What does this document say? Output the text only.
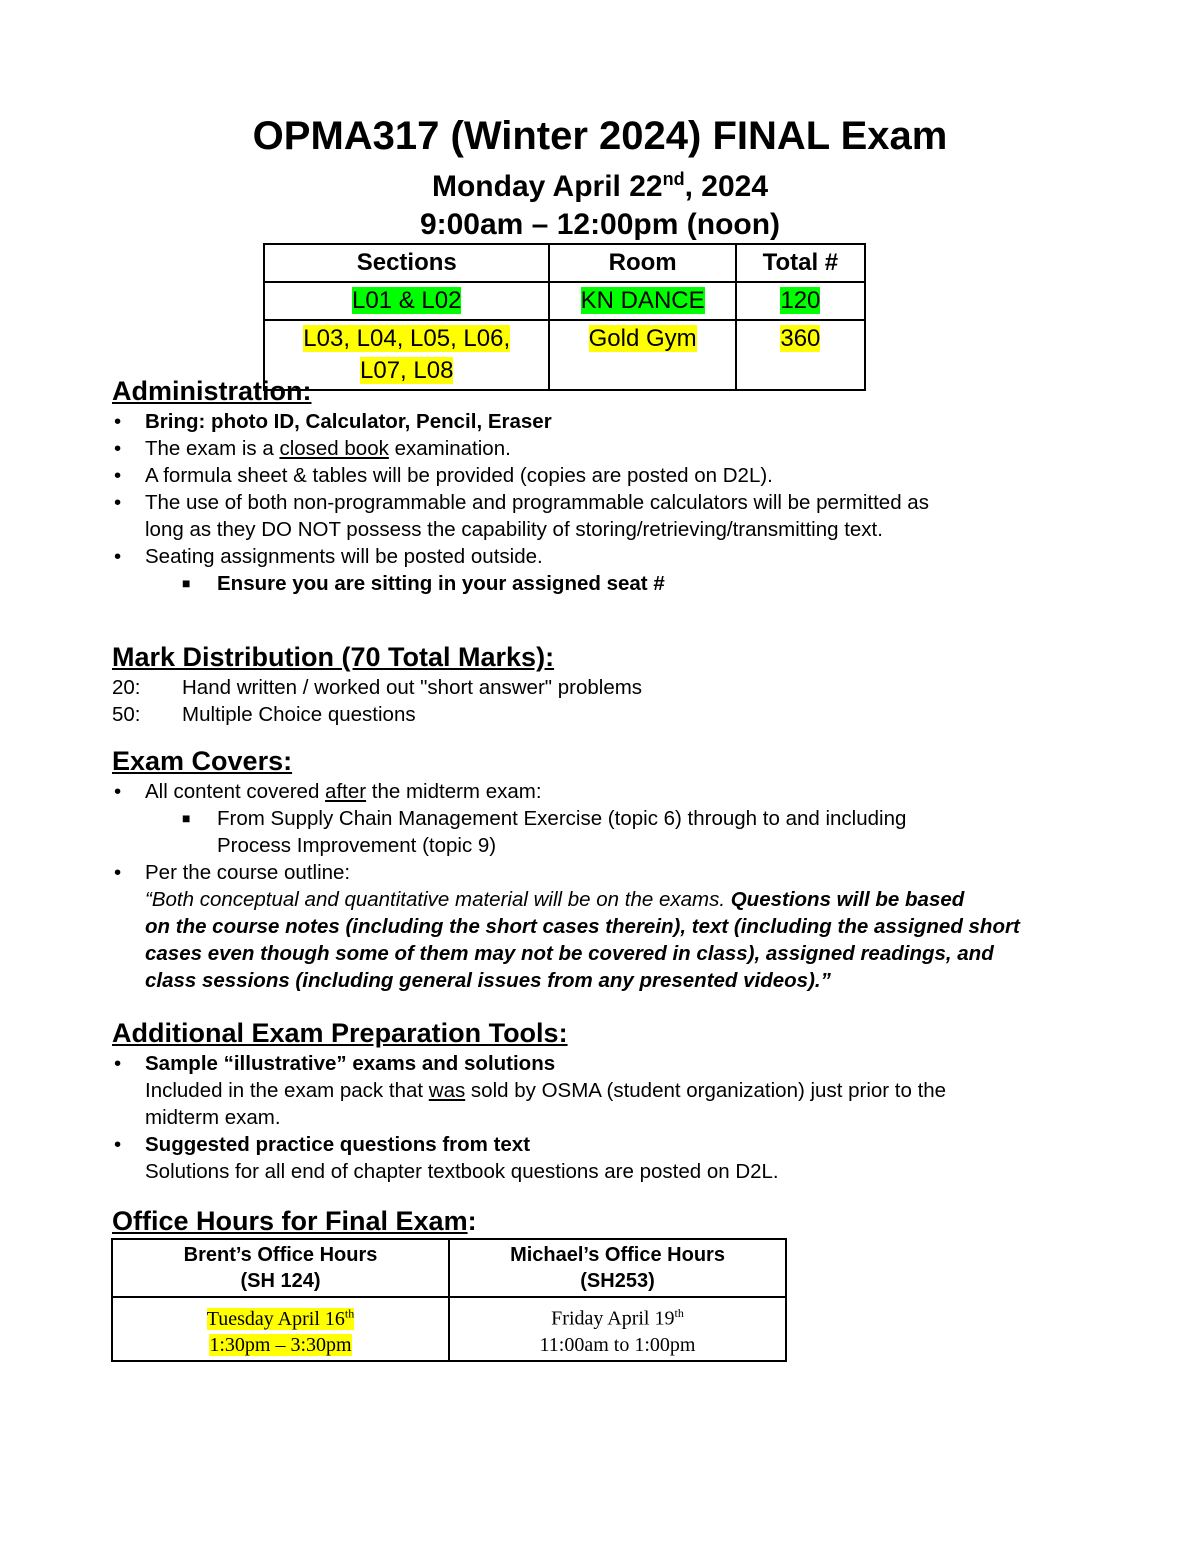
OPMA317 (Winter 2024) FINAL Exam

Monday April 22nd, 2024

9:00am – 12:00pm (noon)

Sections	Room	Total #
L01 & L02	KN DANCE	120
L03, L04, L05, L06,
L07, L08	Gold Gym	360

Administration:

• Bring: photo ID, Calculator, Pencil, Eraser
• The exam is a closed book examination.
• A formula sheet & tables will be provided (copies are posted on D2L).
• The use of both non-programmable and programmable calculators will be permitted as
long as they DO NOT possess the capability of storing/retrieving/transmitting text.
• Seating assignments will be posted outside.
■ Ensure you are sitting in your assigned seat #

Mark Distribution (70 Total Marks):

20:	Hand written / worked out "short answer" problems
50:	Multiple Choice questions

Exam Covers:

• All content covered after the midterm exam:
■ From Supply Chain Management Exercise (topic 6) through to and including
Process Improvement (topic 9)
• Per the course outline:
“Both conceptual and quantitative material will be on the exams. Questions will be based
on the course notes (including the short cases therein), text (including the assigned short
cases even though some of them may not be covered in class), assigned readings, and
class sessions (including general issues from any presented videos).”

Additional Exam Preparation Tools:

• Sample “illustrative” exams and solutions
Included in the exam pack that was sold by OSMA (student organization) just prior to the
midterm exam.
• Suggested practice questions from text
Solutions for all end of chapter textbook questions are posted on D2L.

Office Hours for Final Exam:

Brent’s Office Hours
(SH 124)	Michael’s Office Hours
(SH253)
Tuesday April 16th
1:30pm – 3:30pm	Friday April 19th
11:00am to 1:00pm
